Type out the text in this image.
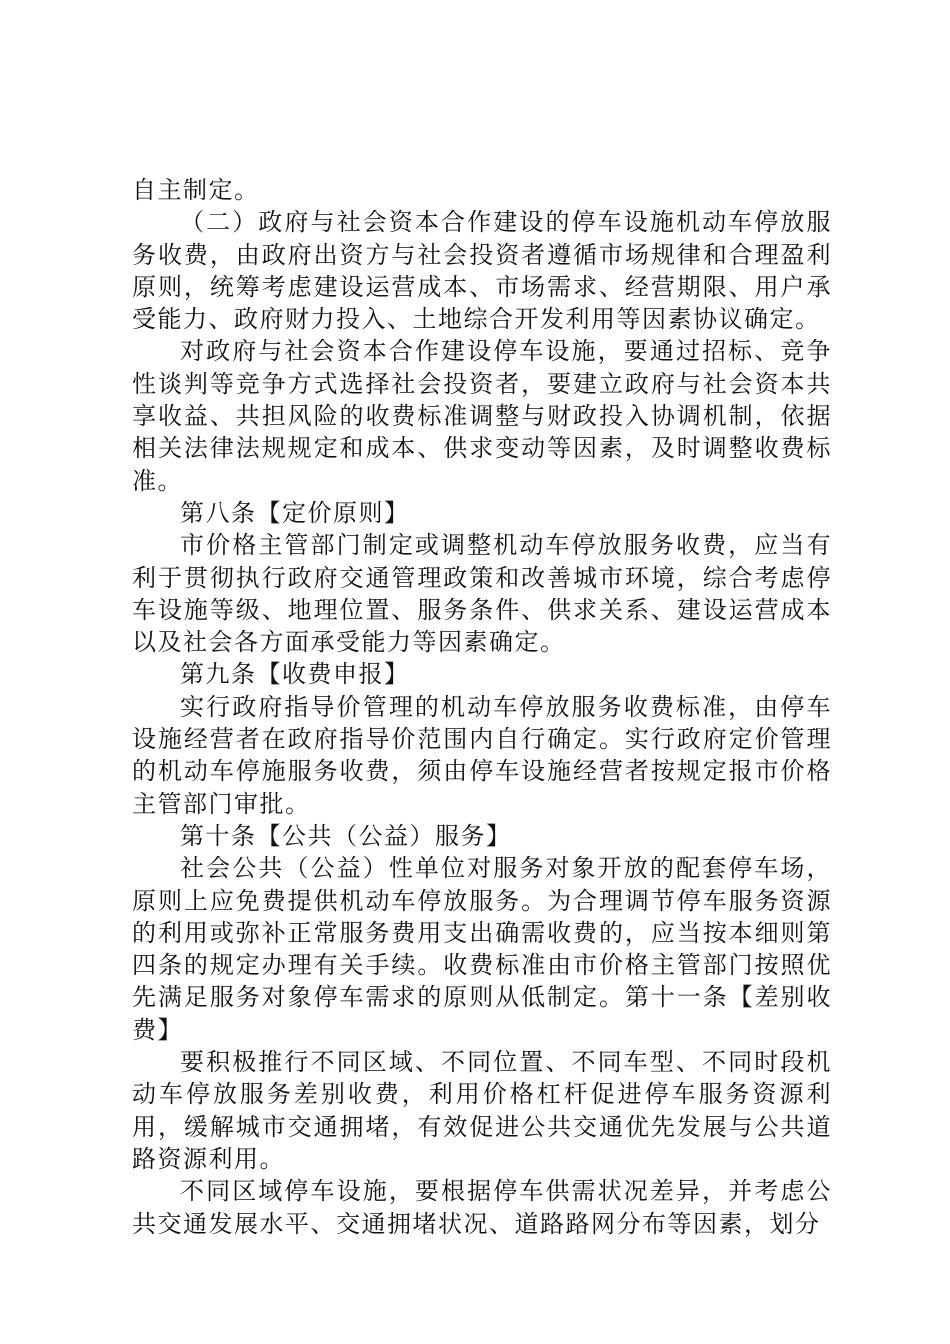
自主制定。

（二）政府与社会资本合作建设的停车设施机动车停放服务收费，由政府出资方与社会投资者遵循市场规律和合理盈利原则，统筹考虑建设运营成本、市场需求、经营期限、用户承受能力、政府财力投入、土地综合开发利用等因素协议确定。

对政府与社会资本合作建设停车设施，要通过招标、竞争性谈判等竞争方式选择社会投资者，要建立政府与社会资本共享收益、共担风险的收费标准调整与财政投入协调机制，依据相关法律法规规定和成本、供求变动等因素，及时调整收费标准。

第八条【定价原则】

市价格主管部门制定或调整机动车停放服务收费，应当有利于贯彻执行政府交通管理政策和改善城市环境，综合考虑停车设施等级、地理位置、服务条件、供求关系、建设运营成本以及社会各方面承受能力等因素确定。

第九条【收费申报】

实行政府指导价管理的机动车停放服务收费标准，由停车设施经营者在政府指导价范围内自行确定。实行政府定价管理的机动车停施服务收费，须由停车设施经营者按规定报市价格主管部门审批。

第十条【公共（公益）服务】

社会公共（公益）性单位对服务对象开放的配套停车场，原则上应免费提供机动车停放服务。为合理调节停车服务资源的利用或弥补正常服务费用支出确需收费的，应当按本细则第四条的规定办理有关手续。收费标准由市价格主管部门按照优先满足服务对象停车需求的原则从低制定。第十一条【差别收费】

要积极推行不同区域、不同位置、不同车型、不同时段机动车停放服务差别收费，利用价格杠杆促进停车服务资源利用，缓解城市交通拥堵，有效促进公共交通优先发展与公共道路资源利用。

不同区域停车设施，要根据停车供需状况差异，并考虑公共交通发展水平、交通拥堵状况、道路路网分布等因素，划分
